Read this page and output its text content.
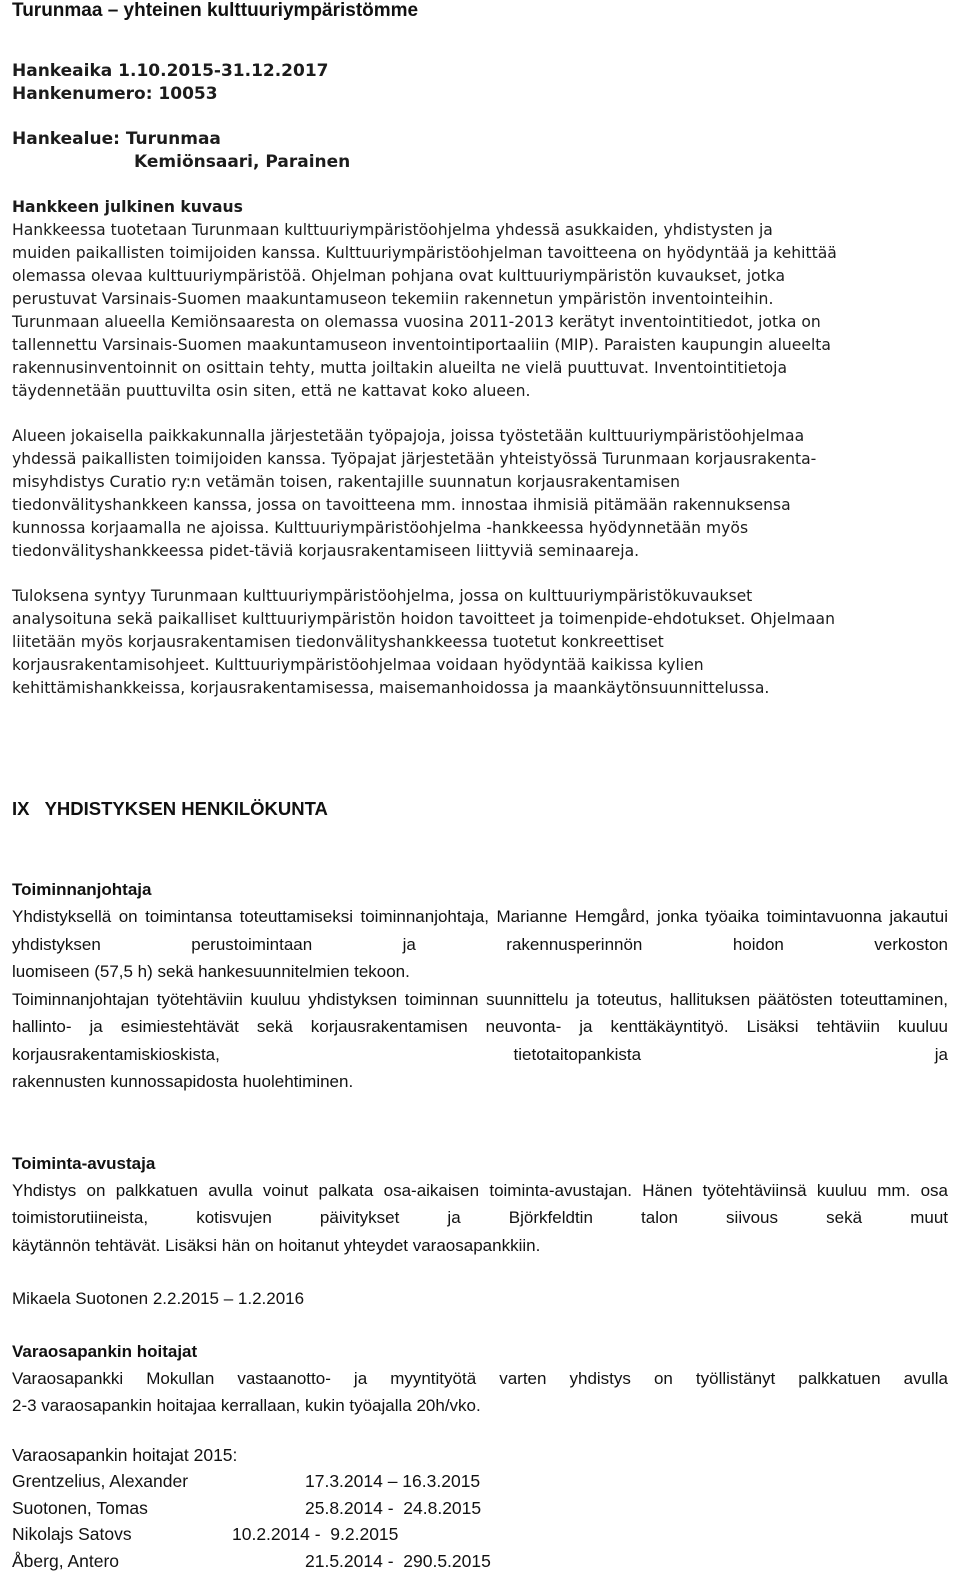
Turunmaa – yhteinen kulttuuriympäristömme
Hankeaika 1.10.2015-31.12.2017
Hankenumero: 10053
Hankealue: Turunmaa
Kemiönsaari, Parainen
Hankkeen julkinen kuvaus
Hankkeessa tuotetaan Turunmaan kulttuuriympäristöohjelma yhdessä asukkaiden, yhdistysten ja
muiden paikallisten toimijoiden kanssa. Kulttuuriympäristöohjelman tavoitteena on hyödyntää ja kehittää
olemassa olevaa kulttuuriympäristöä. Ohjelman pohjana ovat kulttuuriympäristön kuvaukset, jotka
perustuvat Varsinais-Suomen maakuntamuseon tekemiin rakennetun ympäristön inventointeihin.
Turunmaan alueella Kemiönsaaresta on olemassa vuosina 2011-2013 kerätyt inventointitiedot, jotka on
tallennettu Varsinais-Suomen maakuntamuseon inventointiportaaliin (MIP). Paraisten kaupungin alueelta
rakennusinventoinnit on osittain tehty, mutta joiltakin alueilta ne vielä puuttuvat. Inventointitietoja
täydennetään puuttuvilta osin siten, että ne kattavat koko alueen.
Alueen jokaisella paikkakunnalla järjestetään työpajoja, joissa työstetään kulttuuriympäristöohjelmaa
yhdessä paikallisten toimijoiden kanssa. Työpajat järjestetään yhteistyössä Turunmaan korjausrakenta-
misyhdistys Curatio ry:n vetämän toisen, rakentajille suunnatun korjausrakentamisen
tiedonvälityshankkeen kanssa, jossa on tavoitteena mm. innostaa ihmisiä pitämään rakennuksensa
kunnossa korjaamalla ne ajoissa. Kulttuuriympäristöohjelma -hankkeessa hyödynnetään myös
tiedonvälityshankkeessa pidet-täviä korjausrakentamiseen liittyviä seminaareja.
Tuloksena syntyy Turunmaan kulttuuriympäristöohjelma, jossa on kulttuuriympäristökuvaukset
analysoituna sekä paikalliset kulttuuriympäristön hoidon tavoitteet ja toimenpide-ehdotukset. Ohjelmaan
liitetään myös korjausrakentamisen tiedonvälityshankkeessa tuotetut konkreettiset
korjausrakentamisohjeet. Kulttuuriympäristöohjelmaa voidaan hyödyntää kaikissa kylien
kehittämishankkeissa, korjausrakentamisessa, maisemanhoidossa ja maankäytönsuunnittelussa.
IX   YHDISTYKSEN HENKILÖKUNTA
Toiminnanjohtaja

Yhdistyksellä on toimintansa toteuttamiseksi toiminnanjohtaja, Marianne Hemgård, jonka työaika toimintavuonna jakautui yhdistyksen perustoimintaan ja rakennusperinnön hoidon verkoston

luomiseen (57,5 h) sekä hankesuunnitelmien tekoon.

Toiminnanjohtajan työtehtäviin kuuluu yhdistyksen toiminnan suunnittelu ja toteutus, hallituksen päätösten toteuttaminen, hallinto- ja esimiestehtävät sekä korjausrakentamisen neuvonta- ja kenttäkäyntityö. Lisäksi tehtäviin kuuluu korjausrakentamiskioskista, tietotaitopankista ja

rakennusten kunnossapidosta huolehtiminen.

Toiminta-avustaja

Yhdistys on palkkatuen avulla voinut palkata osa-aikaisen toiminta-avustajan. Hänen työtehtäviinsä kuuluu mm. osa toimistorutiineista, kotisvujen päivitykset ja Björkfeldtin talon siivous sekä muut

käytännön tehtävät. Lisäksi hän on hoitanut yhteydet varaosapankkiin.

Mikaela Suotonen 2.2.2015 – 1.2.2016

Varaosapankin hoitajat

Varaosapankki Mokullan vastaanotto- ja myyntityötä varten yhdistys on työllistänyt palkkatuen avulla

2-3 varaosapankin hoitajaa kerrallaan, kukin työajalla 20h/vko.

Varaosapankin hoitajat 2015:
Grentzelius, Alexander	17.3.2014 – 16.3.2015
Suotonen, Tomas	25.8.2014 -  24.8.2015
Nikolajs Satovs	10.2.2014 -  9.2.2015
Åberg, Antero	21.5.2014 -  290.5.2015
